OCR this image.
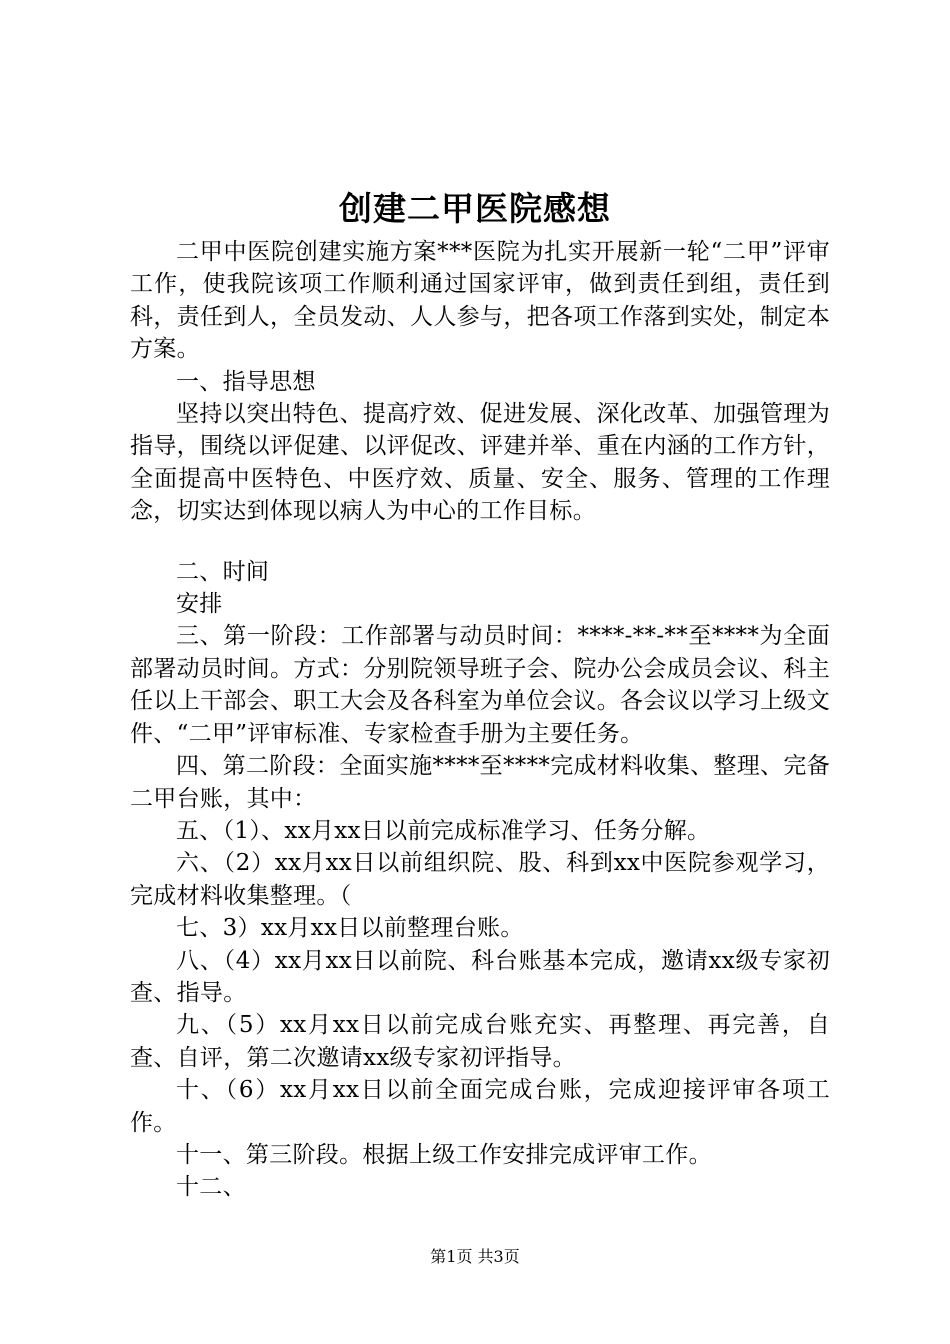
创建二甲医院感想

二甲中医院创建实施方案***医院为扎实开展新一轮“二甲”评审工作，使我院该项工作顺利通过国家评审，做到责任到组，责任到科，责任到人，全员发动、人人参与，把各项工作落到实处，制定本方案。

一、指导思想

坚持以突出特色、提高疗效、促进发展、深化改革、加强管理为指导，围绕以评促建、以评促改、评建并举、重在内涵的工作方针，全面提高中医特色、中医疗效、质量、安全、服务、管理的工作理念，切实达到体现以病人为中心的工作目标。

二、时间

安排

三、第一阶段：工作部署与动员时间：****-**-**至****为全面部署动员时间。方式：分别院领导班子会、院办公会成员会议、科主任以上干部会、职工大会及各科室为单位会议。各会议以学习上级文件、“二甲”评审标准、专家检查手册为主要任务。

四、第二阶段：全面实施****至****完成材料收集、整理、完备二甲台账，其中：

五、（1）、xx月xx日以前完成标准学习、任务分解。

六、（2）xx月xx日以前组织院、股、科到xx中医院参观学习，完成材料收集整理。（

七、3）xx月xx日以前整理台账。

八、（4）xx月xx日以前院、科台账基本完成，邀请xx级专家初查、指导。

九、（5）xx月xx日以前完成台账充实、再整理、再完善，自查、自评，第二次邀请xx级专家初评指导。

十、（6）xx月xx日以前全面完成台账，完成迎接评审各项工作。

十一、第三阶段。根据上级工作安排完成评审工作。

十二、

第1页 共3页
